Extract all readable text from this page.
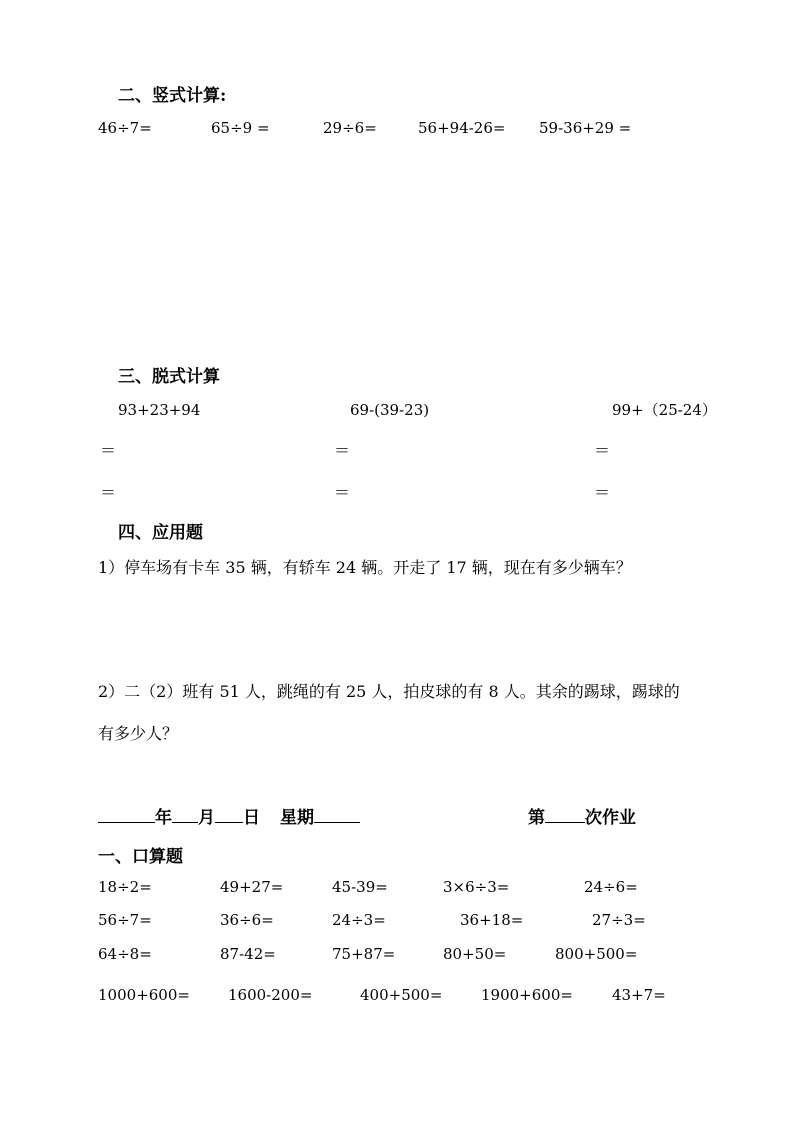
二、竖式计算:
46÷7=	65÷9 =	29÷6=	56+94-26= 59-36+29 =
三、脱式计算
93+23+94	69-(39-23)	99+（25-24）
＝	＝	＝
＝	＝	＝
四、应用题
1）停车场有卡车 35 辆，有轿车 24 辆。开走了 17 辆，现在有多少辆车？
2）二（2）班有 51 人，跳绳的有 25 人，拍皮球的有 8 人。其余的踢球，踢球的
有多少人？
年 月 日 星期	第 次作业
一、口算题
18÷2=	49+27=	45-39=	3×6÷3=	24÷6=
56÷7=	36÷6=	24÷3=	36+18=	27÷3=
64÷8=	87-42=	75+87=	80+50=	800+500=
1000+600=	1600-200=	400+500=	1900+600=	43+7=
